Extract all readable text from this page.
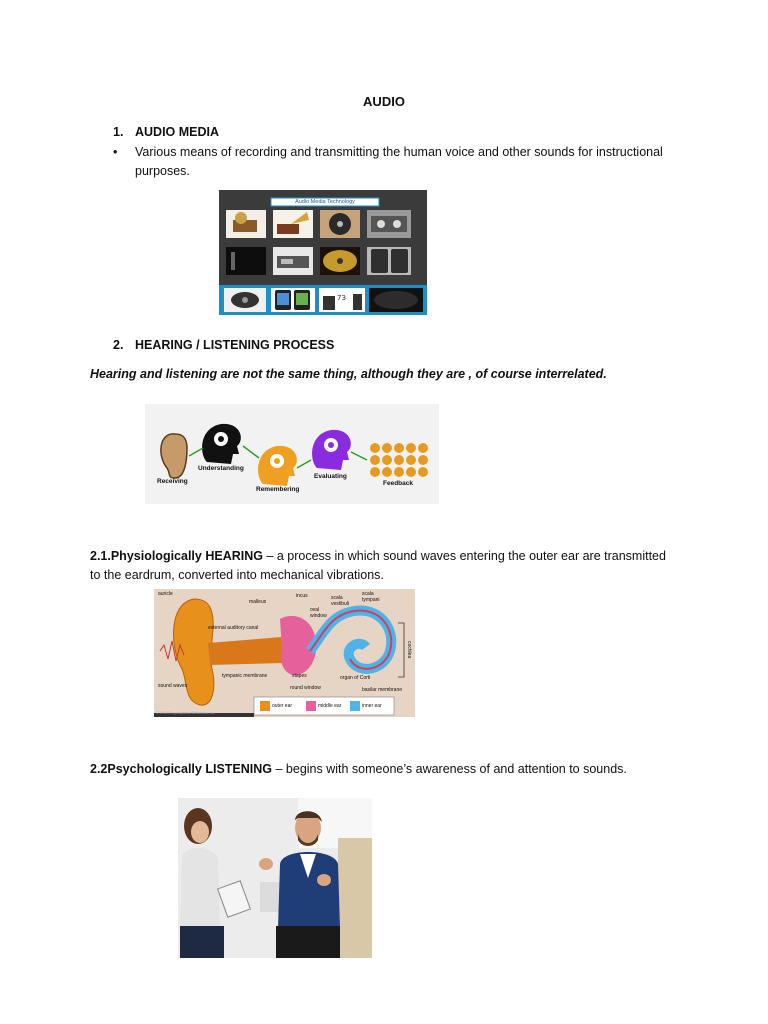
AUDIO
1. AUDIO MEDIA
• Various means of recording and transmitting the human voice and other sounds for instructional
purposes.
73
Audio Media Technology
2. HEARING / LISTENING PROCESS
Hearing and listening are not the same thing, although they are , of course interrelated.
Receiving
Understanding
Remembering
Evaluating
Feedback
2.1.Physiologically HEARING – a process in which sound waves entering the outer ear are transmitted
to the eardrum, converted into mechanical vibrations.
auricle
malleus
incus	scala vestibuli
oval window
scala tympani
external auditory canal
cochlea
sound waves
tympanic membrane	stapes
round window
organ of Corti
basilar membrane
outer ear	middle ear	inner ear
© 2013 Encyclopaedia Britannica, Inc.
2.2Psychologically LISTENING – begins with someone’s awareness of and attention to sounds.
